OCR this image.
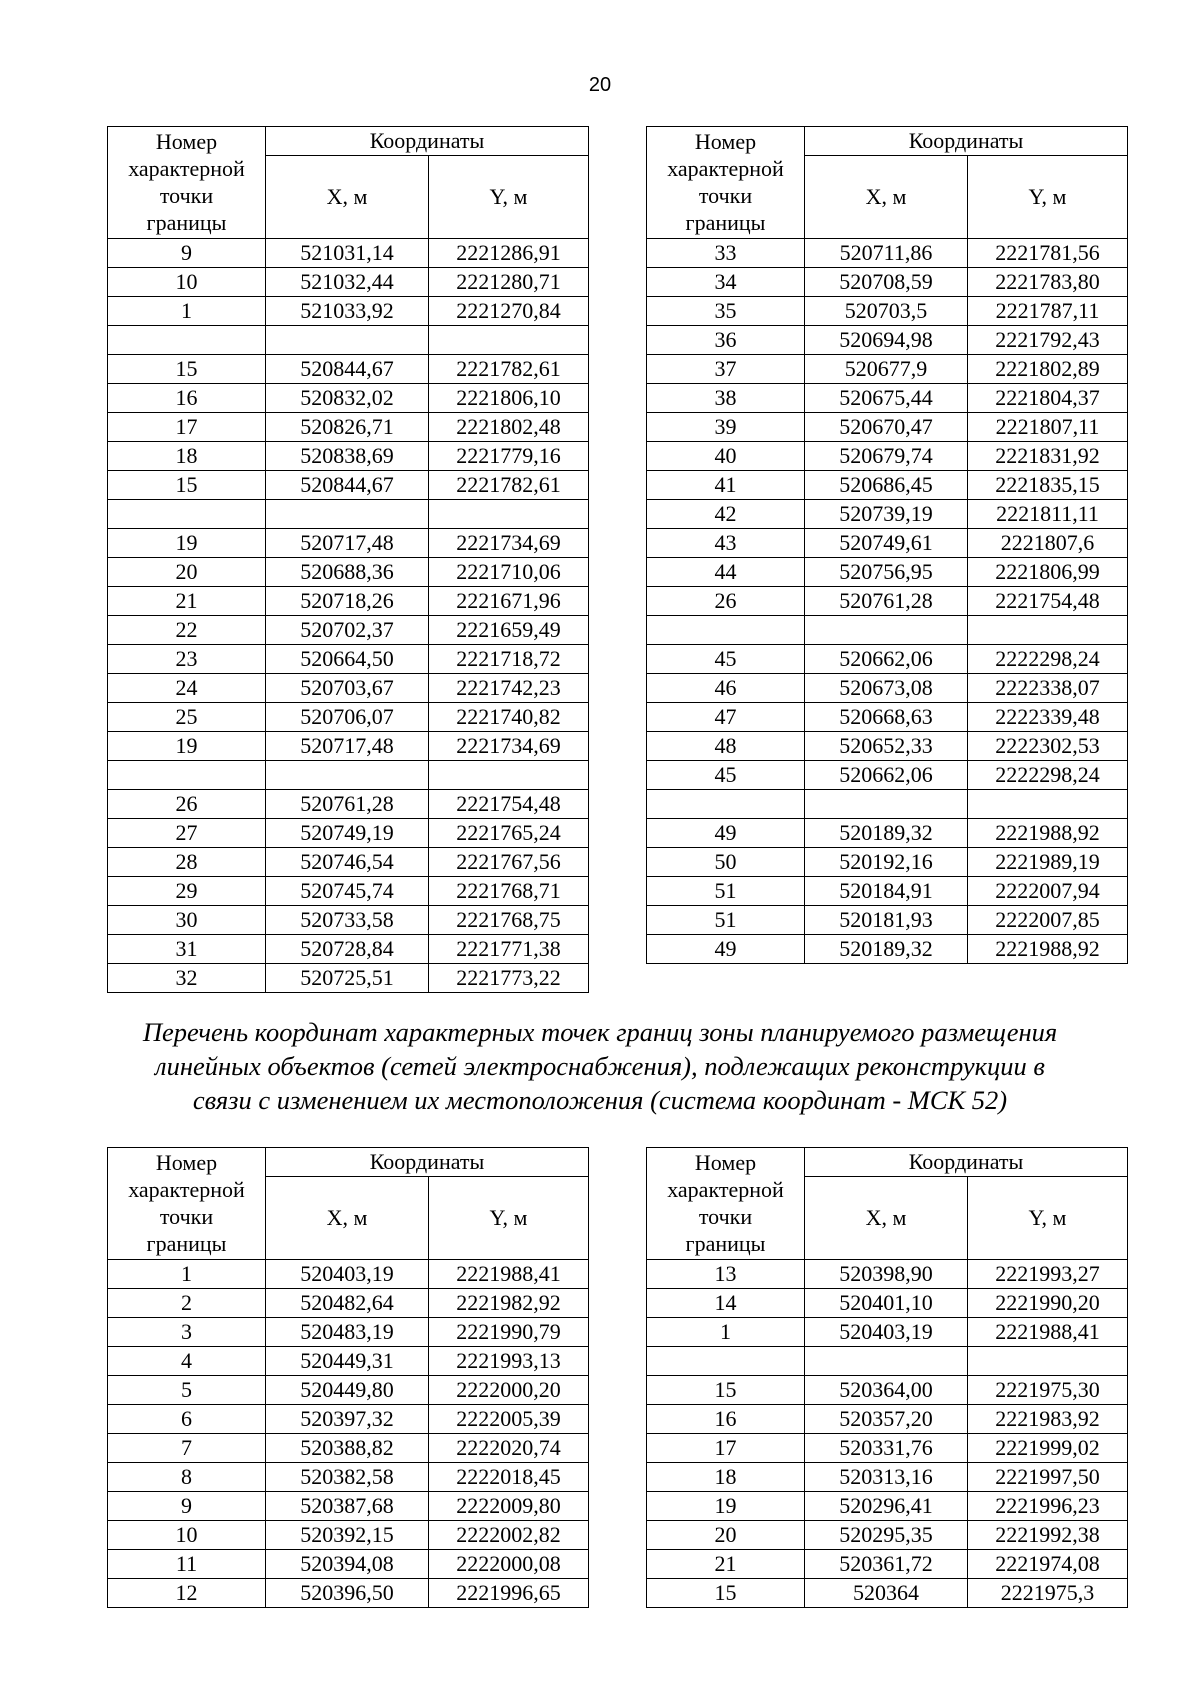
20
Номер
характерной
точки
границы	Координаты	
	X, м	Y, м
9	521031,14	2221286,91
10	521032,44	2221280,71
1	521033,92	2221270,84

15	520844,67	2221782,61
16	520832,02	2221806,10
17	520826,71	2221802,48
18	520838,69	2221779,16
15	520844,67	2221782,61

19	520717,48	2221734,69
20	520688,36	2221710,06
21	520718,26	2221671,96
22	520702,37	2221659,49
23	520664,50	2221718,72
24	520703,67	2221742,23
25	520706,07	2221740,82
19	520717,48	2221734,69

26	520761,28	2221754,48
27	520749,19	2221765,24
28	520746,54	2221767,56
29	520745,74	2221768,71
30	520733,58	2221768,75
31	520728,84	2221771,38
32	520725,51	2221773,22
Номер
характерной
точки
границы	Координаты	
	X, м	Y, м
33	520711,86	2221781,56
34	520708,59	2221783,80
35	520703,5	2221787,11
36	520694,98	2221792,43
37	520677,9	2221802,89
38	520675,44	2221804,37
39	520670,47	2221807,11
40	520679,74	2221831,92
41	520686,45	2221835,15
42	520739,19	2221811,11
43	520749,61	2221807,6
44	520756,95	2221806,99
26	520761,28	2221754,48

45	520662,06	2222298,24
46	520673,08	2222338,07
47	520668,63	2222339,48
48	520652,33	2222302,53
45	520662,06	2222298,24

49	520189,32	2221988,92
50	520192,16	2221989,19
51	520184,91	2222007,94
51	520181,93	2222007,85
49	520189,32	2221988,92
Перечень координат характерных точек границ зоны планируемого размещения
линейных объектов (сетей электроснабжения), подлежащих реконструкции в
связи с изменением их местоположения (система координат - МСК 52)
Номер
характерной
точки
границы	Координаты	
	X, м	Y, м
1	520403,19	2221988,41
2	520482,64	2221982,92
3	520483,19	2221990,79
4	520449,31	2221993,13
5	520449,80	2222000,20
6	520397,32	2222005,39
7	520388,82	2222020,74
8	520382,58	2222018,45
9	520387,68	2222009,80
10	520392,15	2222002,82
11	520394,08	2222000,08
12	520396,50	2221996,65
Номер
характерной
точки
границы	Координаты	
	X, м	Y, м
13	520398,90	2221993,27
14	520401,10	2221990,20
1	520403,19	2221988,41

15	520364,00	2221975,30
16	520357,20	2221983,92
17	520331,76	2221999,02
18	520313,16	2221997,50
19	520296,41	2221996,23
20	520295,35	2221992,38
21	520361,72	2221974,08
15	520364	2221975,3
